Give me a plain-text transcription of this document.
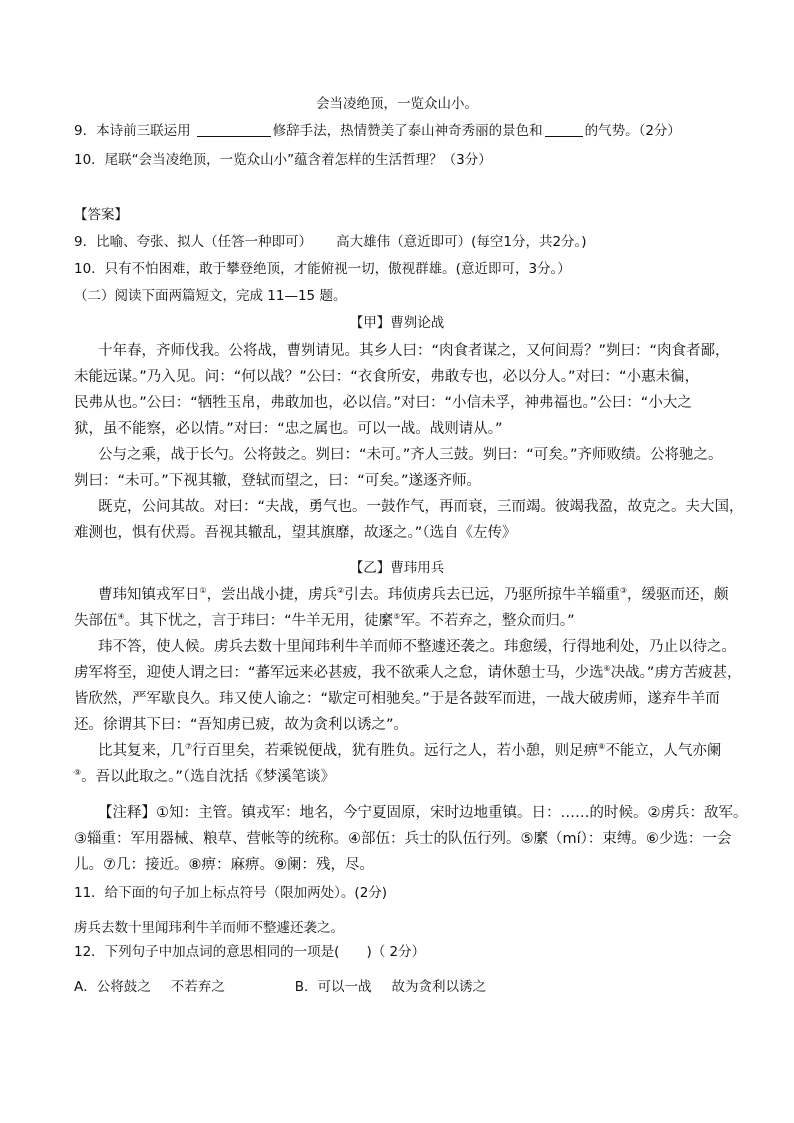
会当凌绝顶，一览众山小。
9．本诗前三联运用	修辞手法，热情赞美了泰山神奇秀丽的景色和	的气势。（2分）
10．尾联“会当凌绝顶，一览众山小”蕴含着怎样的生活哲理？（3分）
【答案】
9．比喻、夸张、拟人（任答一种即可） 高大雄伟（意近即可）(每空1分，共2分。)
10．只有不怕困难，敢于攀登绝顶，才能俯视一切，傲视群雄。(意近即可，3分。）
（二）阅读下面两篇短文，完成 11—15 题。
【甲】曹刿论战
十年春，齐师伐我。公将战，曹刿请见。其乡人曰：“肉食者谋之，又何间焉？”刿曰：“肉食者鄙，
未能远谋。”乃入见。问：“何以战？”公曰：“衣食所安，弗敢专也，必以分人。”对曰：“小惠未徧，
民弗从也。”公曰：“牺牲玉帛，弗敢加也，必以信。”对曰：“小信未孚，神弗福也。”公曰：“小大之
狱，虽不能察，必以情。”对曰：“忠之属也。可以一战。战则请从。”
公与之乘，战于长勺。公将鼓之。刿曰：“未可。”齐人三鼓。刿曰：“可矣。”齐师败绩。公将驰之。
刿曰：“未可。”下视其辙，登轼而望之，曰：“可矣。”遂逐齐师。
既克，公问其故。对曰：“夫战，勇气也。一鼓作气，再而衰，三而竭。彼竭我盈，故克之。夫大国，
难测也，惧有伏焉。吾视其辙乱，望其旗靡，故逐之。”（选自《左传》
【乙】曹玮用兵
曹玮知镇戎军日①，尝出战小捷，虏兵②引去。玮侦虏兵去已远，乃驱所掠牛羊辎重③，缓驱而还，颇
失部伍④。其下忧之，言于玮曰：“牛羊无用，徒縻⑤军。不若弃之，整众而归。”
玮不答，使人候。虏兵去数十里闻玮利牛羊而师不整遽还袭之。玮愈缓，行得地利处，乃止以待之。
虏军将至，迎使人谓之曰：“蕃军远来必甚疲，我不欲乘人之怠，请休憩士马，少选⑥决战。”虏方苦疲甚，
皆欣然，严军歇良久。玮又使人谕之：“歇定可相驰矣。”于是各鼓军而进，一战大破虏师，遂弃牛羊而
还。徐谓其下曰：“吾知虏已疲，故为贪利以诱之”。
比其复来，几⑦行百里矣，若乘锐便战，犹有胜负。远行之人，若小憩，则足痹⑧不能立，人气亦阑
⑨。吾以此取之。”（选自沈括《梦溪笔谈》
【注释】①知：主管。镇戎军：地名，今宁夏固原，宋时边地重镇。日：……的时候。②虏兵：敌军。
③辎重：军用器械、粮草、营帐等的统称。④部伍：兵士的队伍行列。⑤縻（mí）：束缚。⑥少选：一会
儿。⑦几：接近。⑧痹：麻痹。⑨阑：残，尽。
11．给下面的句子加上标点符号（限加两处）。(2分)
虏兵去数十里闻玮利牛羊而师不整遽还袭之。
12．下列句子中加点词的意思相同的一项是(　　)（ 2分）
A．公将鼓之 不若弃之	B．可以一战 故为贪利以诱之
